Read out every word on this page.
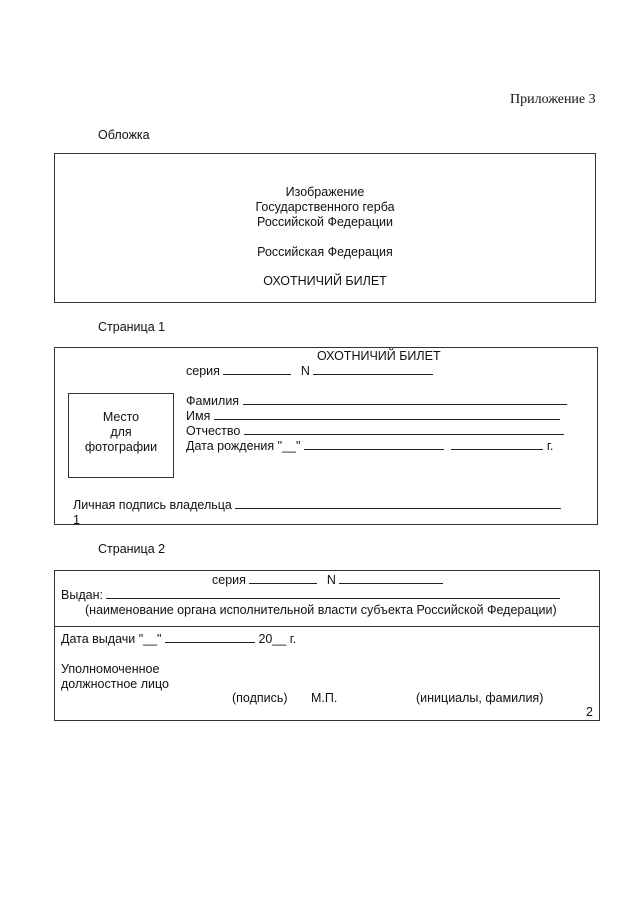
Приложение 3
Обложка
Изображение
Государственного герба
Российской Федерации
Российская Федерация
ОХОТНИЧИЙ БИЛЕТ
Страница 1
ОХОТНИЧИЙ БИЛЕТ
серия	N
Место
для
фотографии
Фамилия
Имя
Отчество
Дата рождения "__"	г.
Личная подпись владельца
1
Страница 2
серия	N
Выдан:
(наименование органа исполнительной власти субъекта Российской Федерации)
Дата выдачи "__"	20__ г.
Уполномоченное
должностное лицо
(подпись) М.П.	(инициалы, фамилия)
2
